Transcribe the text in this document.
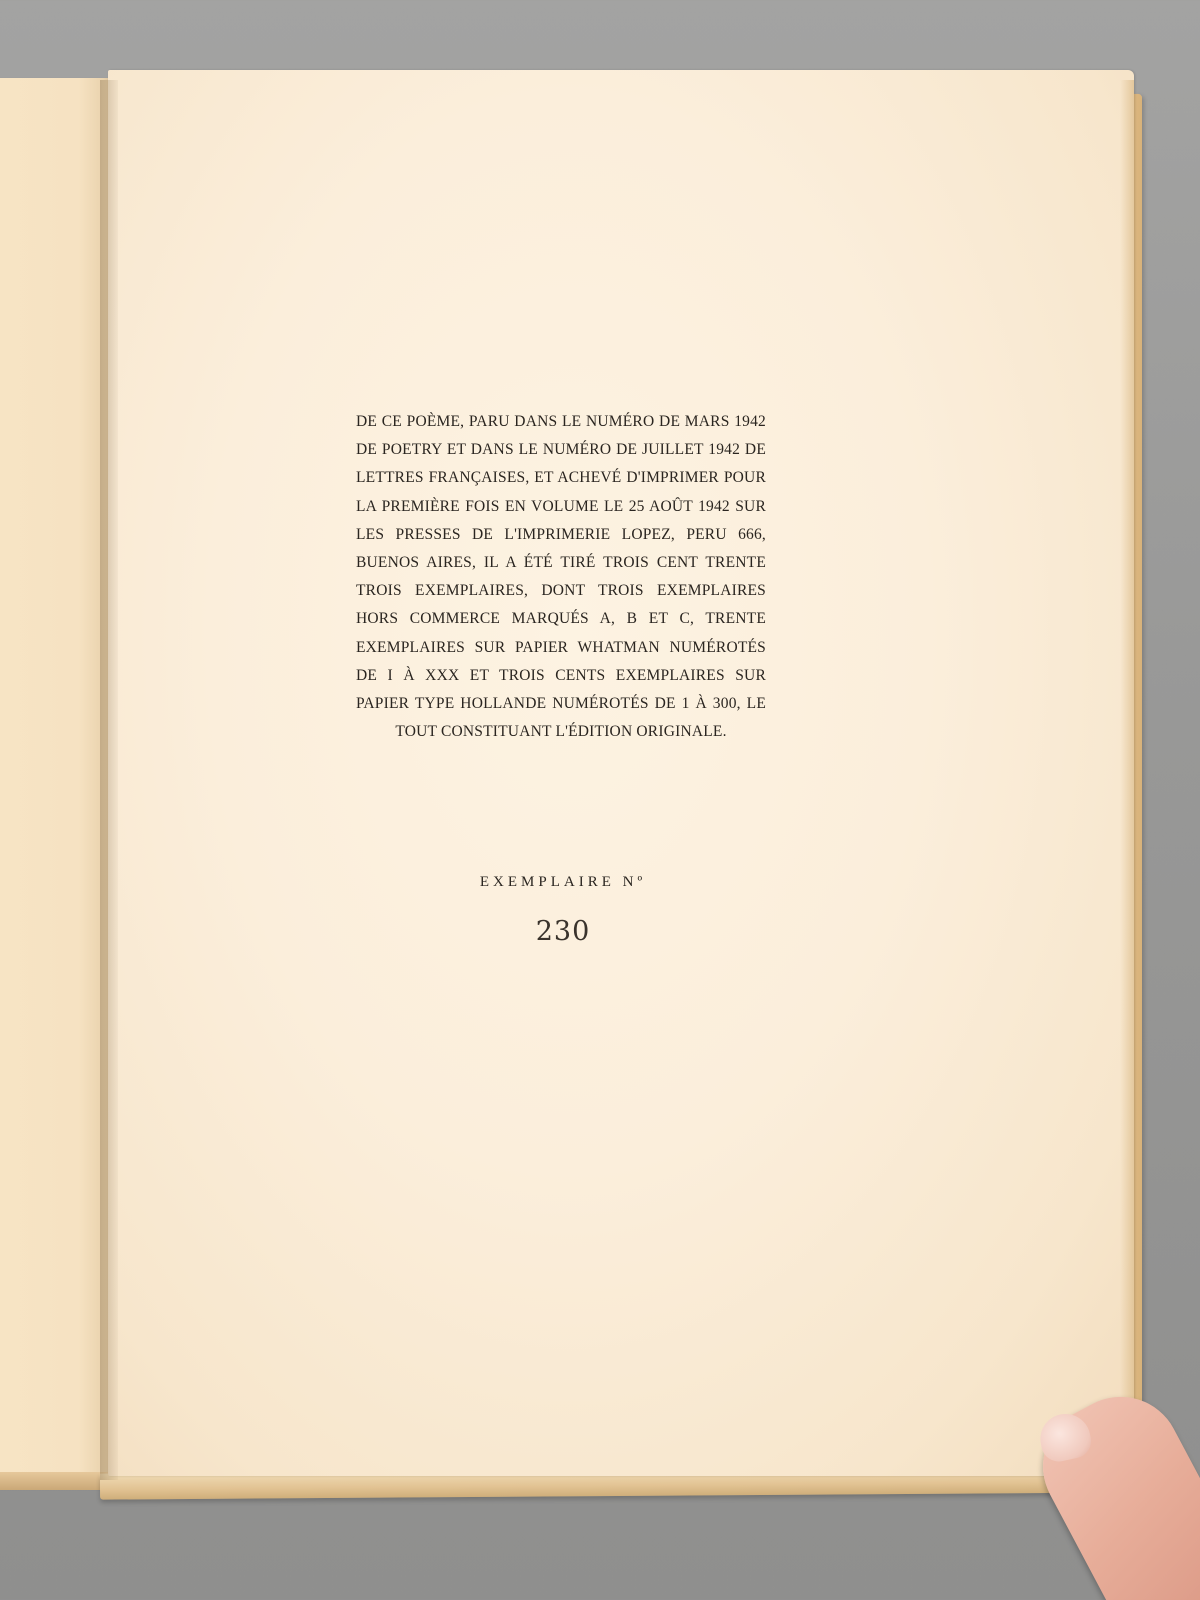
DE CE POÈME, PARU DANS LE NUMÉRO DE MARS 1942 DE POETRY ET DANS LE NUMÉRO DE JUILLET 1942 DE LETTRES FRANÇAISES, ET ACHEVÉ D'IMPRIMER POUR LA PREMIÈRE FOIS EN VOLUME LE 25 AOÛT 1942 SUR LES PRESSES DE L'IMPRIMERIE LOPEZ, PERU 666, BUENOS AIRES, IL A ÉTÉ TIRÉ TROIS CENT TRENTE TROIS EXEMPLAIRES, DONT TROIS EXEMPLAIRES HORS COMMERCE MARQUÉS A, B ET C, TRENTE EXEMPLAIRES SUR PAPIER WHATMAN NUMÉROTÉS DE I À XXX ET TROIS CENTS EXEMPLAIRES SUR PAPIER TYPE HOLLANDE NUMÉROTÉS DE 1 À 300, LE TOUT CONSTITUANT L'ÉDITION ORIGINALE.
EXEMPLAIRE Nº
230
